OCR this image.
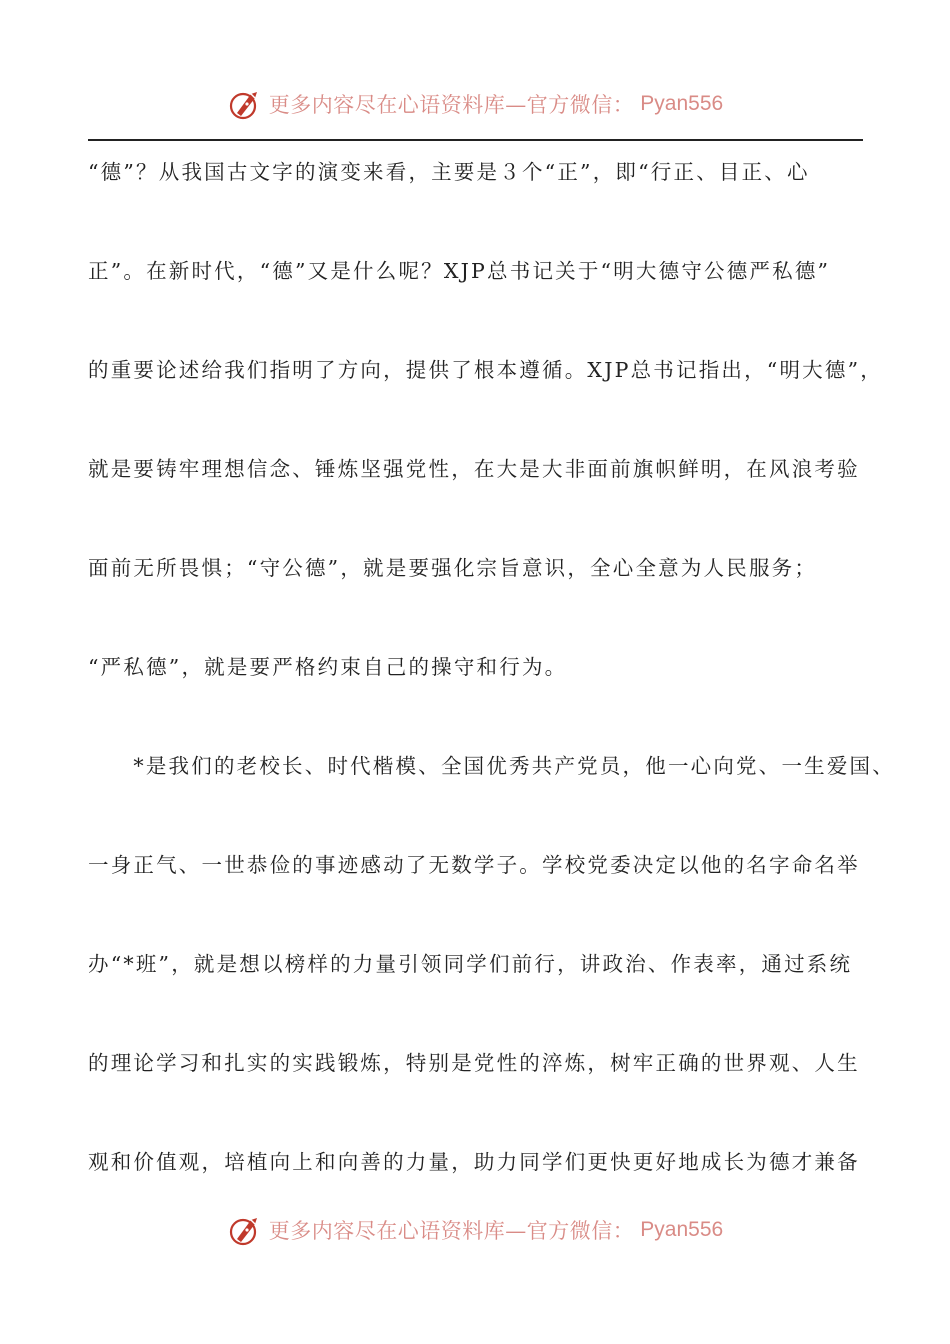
更多内容尽在心语资料库—官方微信： Pyan556
“德”？从我国古文字的演变来看，主要是３个“正”，即“行正、目正、心
正”。在新时代，“德”又是什么呢？XJP总书记关于“明大德守公德严私德”
的重要论述给我们指明了方向，提供了根本遵循。XJP总书记指出，“明大德”，
就是要铸牢理想信念、锤炼坚强党性，在大是大非面前旗帜鲜明，在风浪考验
面前无所畏惧；“守公德”，就是要强化宗旨意识，全心全意为人民服务；
“严私德”，就是要严格约束自己的操守和行为。
　　*是我们的老校长、时代楷模、全国优秀共产党员，他一心向党、一生爱国、
一身正气、一世恭俭的事迹感动了无数学子。学校党委决定以他的名字命名举
办“*班”，就是想以榜样的力量引领同学们前行，讲政治、作表率，通过系统
的理论学习和扎实的实践锻炼，特别是党性的淬炼，树牢正确的世界观、人生
观和价值观，培植向上和向善的力量，助力同学们更快更好地成长为德才兼备
更多内容尽在心语资料库—官方微信： Pyan556
